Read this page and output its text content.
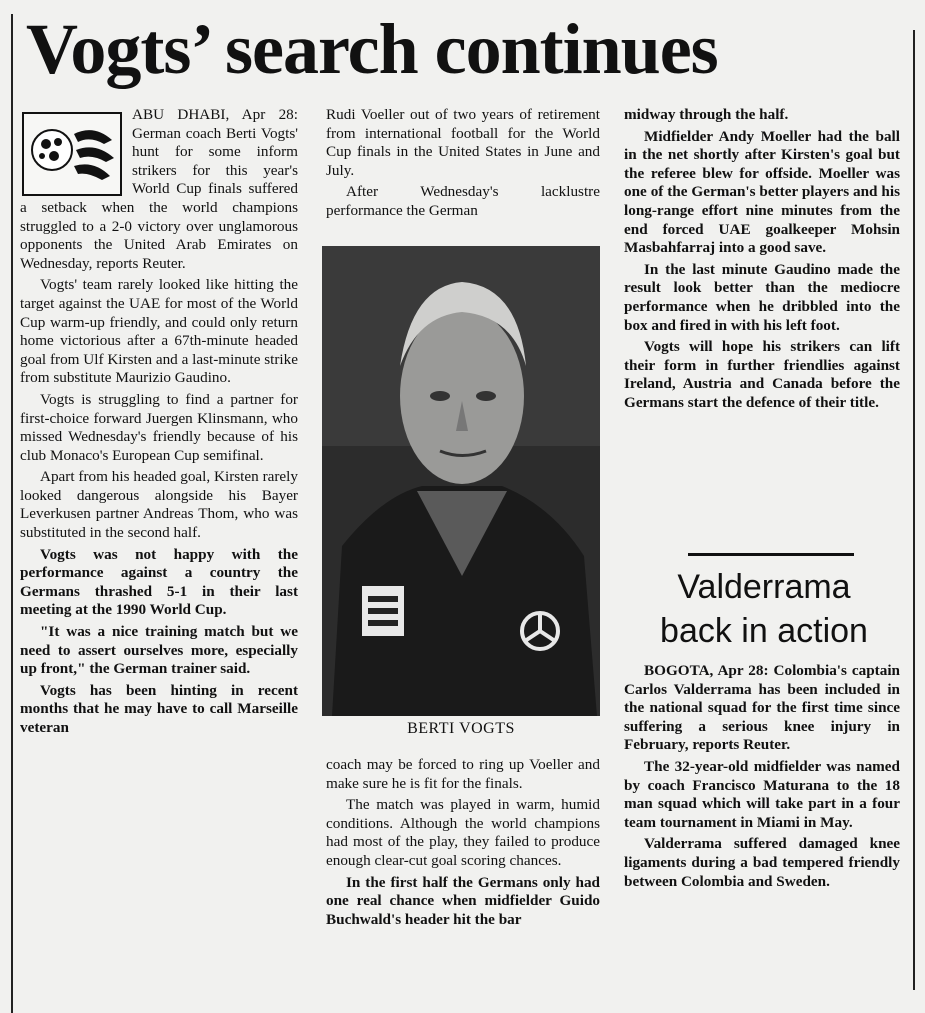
Vogts’ search continues

ABU DHABI, Apr 28: German coach Berti Vogts' hunt for some inform strikers for this year's World Cup finals suffered a setback when the world champions struggled to a 2-0 victory over unglamorous opponents the United Arab Emirates on Wednesday, reports Reuter.

Vogts' team rarely looked like hitting the target against the UAE for most of the World Cup warm-up friendly, and could only return home victorious after a 67th-minute headed goal from Ulf Kirsten and a last-minute strike from substitute Maurizio Gaudino.

Vogts is struggling to find a partner for first-choice forward Juergen Klinsmann, who missed Wednesday's friendly because of his club Monaco's European Cup semifinal.

Apart from his headed goal, Kirsten rarely looked dangerous alongside his Bayer Leverkusen partner Andreas Thom, who was substituted in the second half.

Vogts was not happy with the performance against a country the Germans thrashed 5-1 in their last meeting at the 1990 World Cup.

"It was a nice training match but we need to assert ourselves more, especially up front," the German trainer said.

Vogts has been hinting in recent months that he may have to call Marseille veteran

Rudi Voeller out of two years of retirement from international football for the World Cup finals in the United States in June and July.

After Wednesday's lacklustre performance the German

BERTI VOGTS

coach may be forced to ring up Voeller and make sure he is fit for the finals.

The match was played in warm, humid conditions. Although the world champions had most of the play, they failed to produce enough clear-cut goal scoring chances.

In the first half the Germans only had one real chance when midfielder Guido Buchwald's header hit the bar

midway through the half.

Midfielder Andy Moeller had the ball in the net shortly after Kirsten's goal but the referee blew for offside. Moeller was one of the German's better players and his long-range effort nine minutes from the end forced UAE goalkeeper Mohsin Masbahfarraj into a good save.

In the last minute Gaudino made the result look better than the mediocre performance when he dribbled into the box and fired in with his left foot.

Vogts will hope his strikers can lift their form in further friendlies against Ireland, Austria and Canada before the Germans start the defence of their title.

Valderrama
back in action

BOGOTA, Apr 28: Colombia's captain Carlos Valderrama has been included in the national squad for the first time since suffering a serious knee injury in February, reports Reuter.

The 32-year-old midfielder was named by coach Francisco Maturana to the 18 man squad which will take part in a four team tournament in Miami in May.

Valderrama suffered damaged knee ligaments during a bad tempered friendly between Colombia and Sweden.
